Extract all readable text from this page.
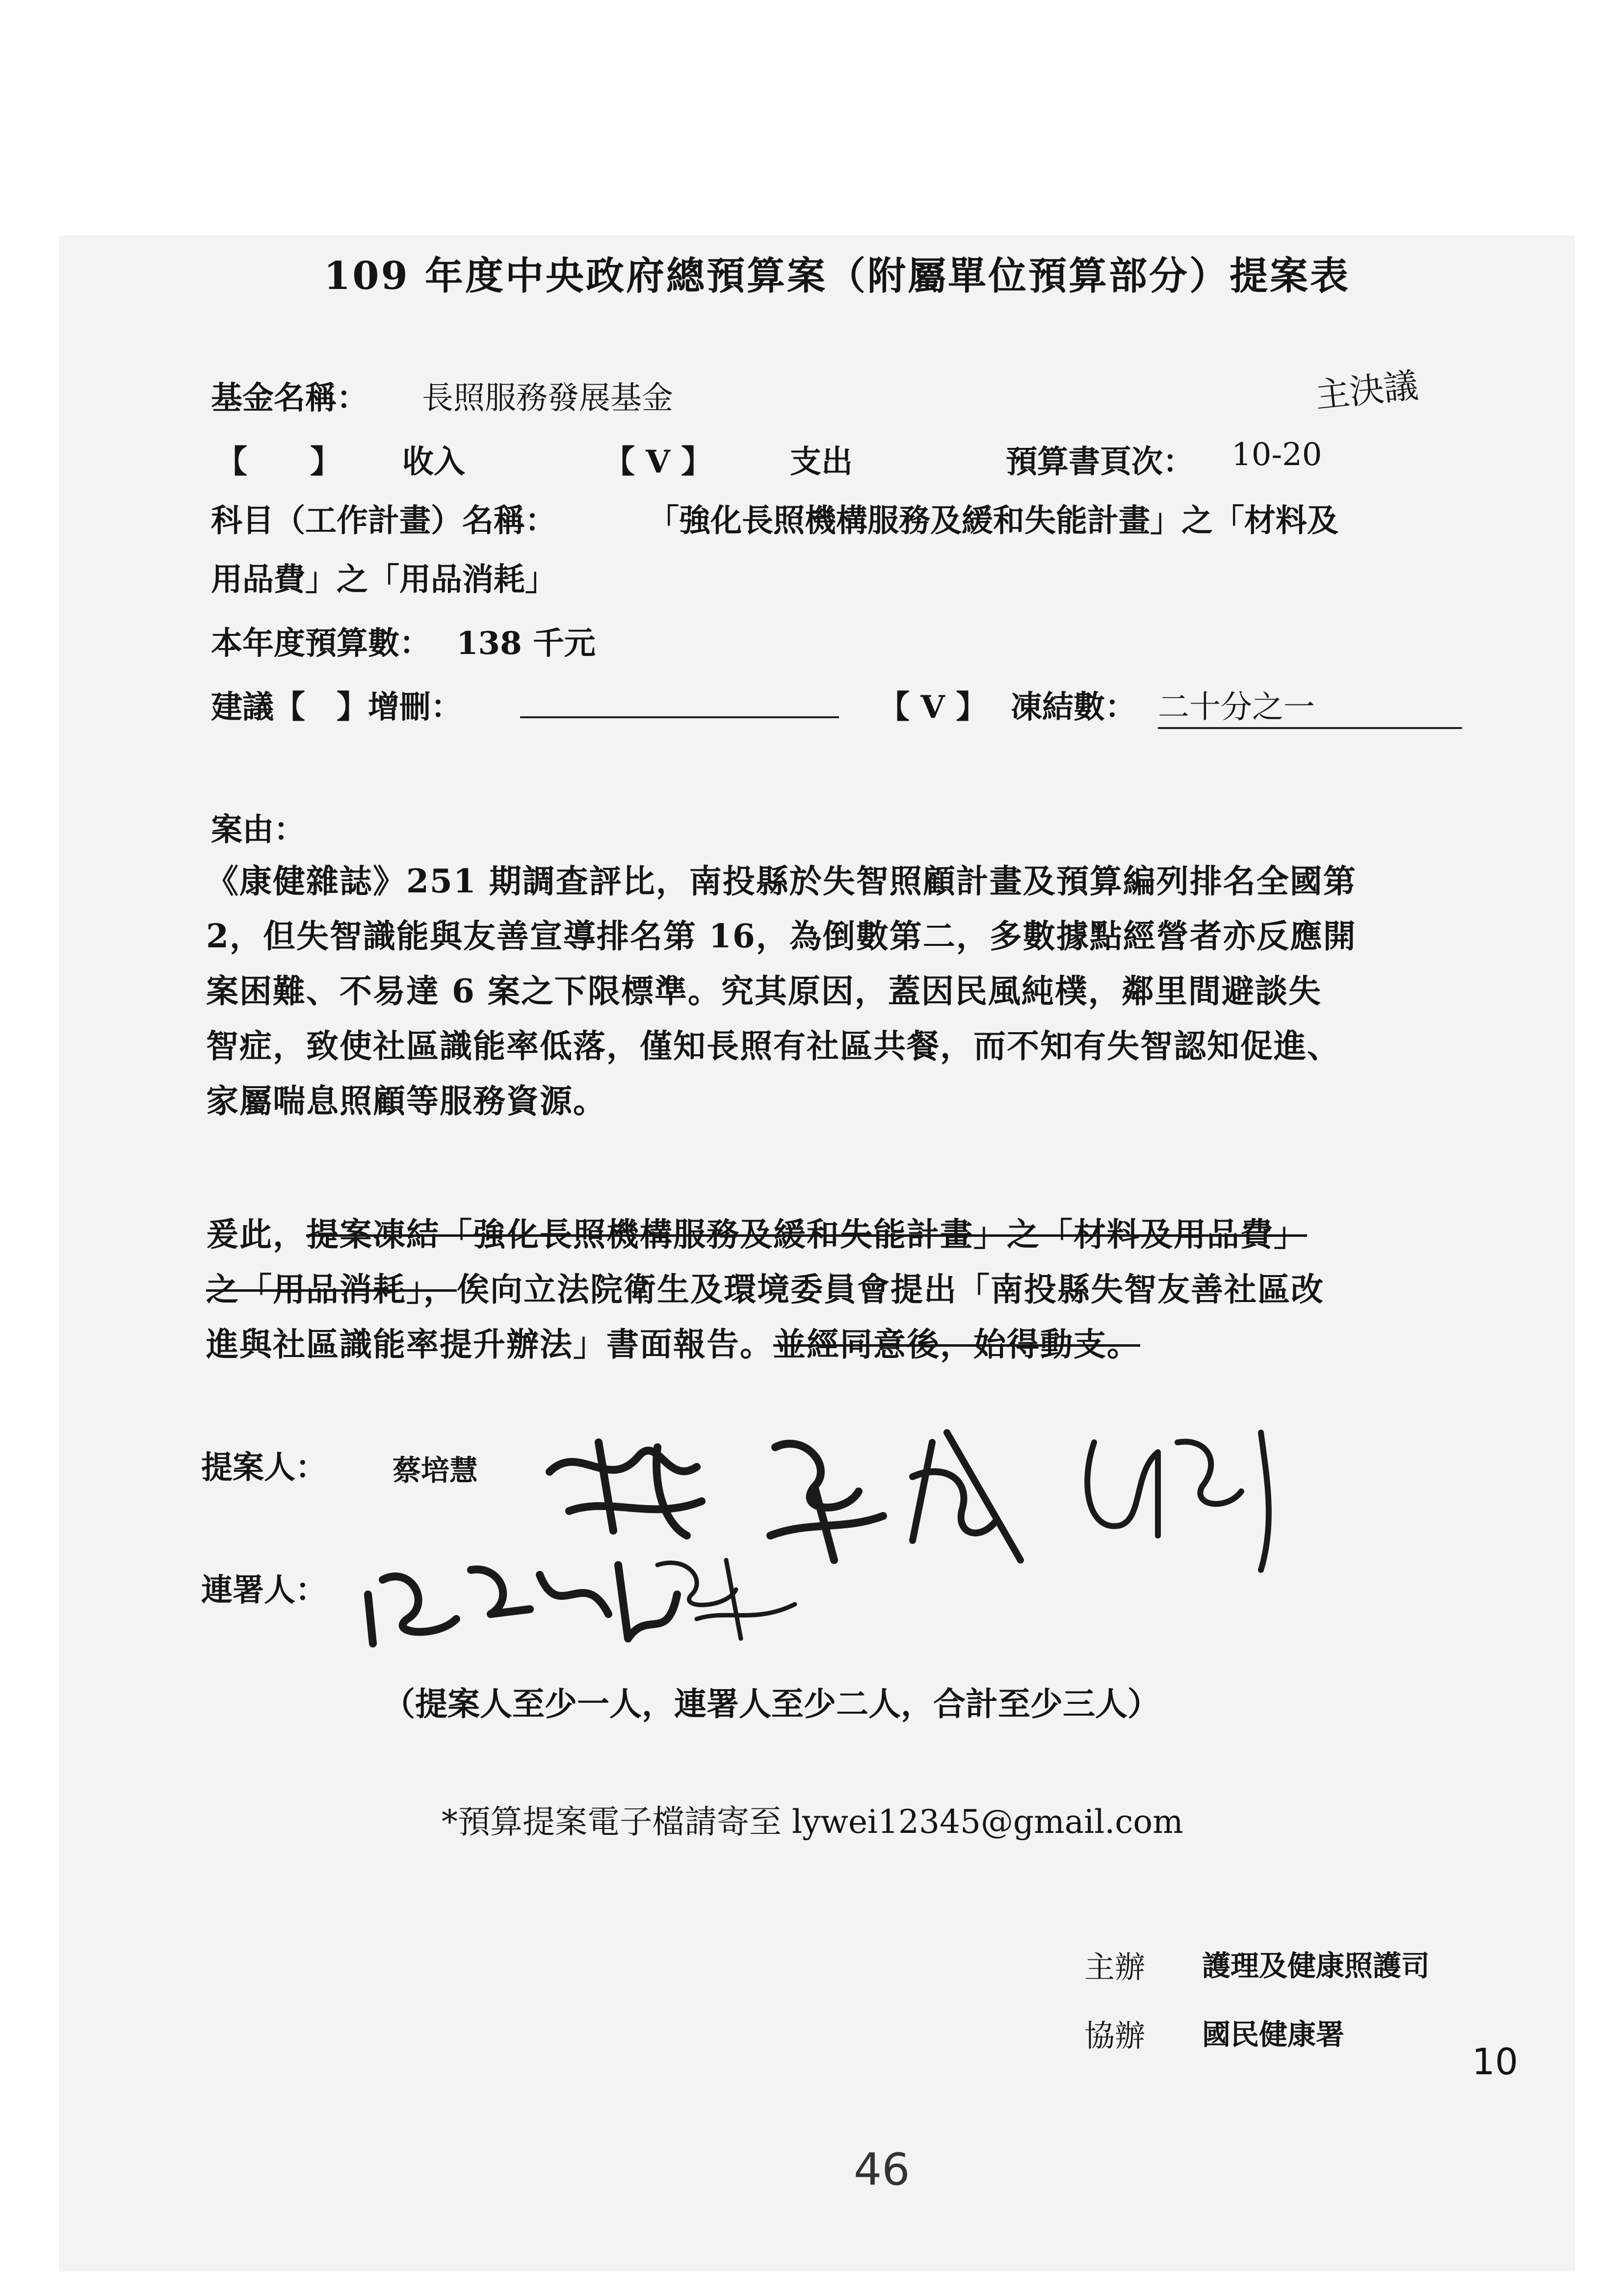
109 年度中央政府總預算案（附屬單位預算部分）提案表
基金名稱： 長照服務發展基金	主決議
【　　】 收入	【 V 】 支出	預算書頁次： 10-20
科目（工作計畫）名稱：	「強化長照機構服務及緩和失能計畫」之「材料及
用品費」之「用品消耗」
本年度預算數： 138 千元
建議【　】增刪：	【 V 】 凍結數： 二十分之一
案由：
《康健雜誌》251 期調查評比，南投縣於失智照顧計畫及預算編列排名全國第
2，但失智識能與友善宣導排名第 16，為倒數第二，多數據點經營者亦反應開
案困難、不易達 6 案之下限標準。究其原因，蓋因民風純樸，鄰里間避談失
智症，致使社區識能率低落，僅知長照有社區共餐，而不知有失智認知促進、
家屬喘息照顧等服務資源。
爰此，提案凍結「強化長照機構服務及緩和失能計畫」之「材料及用品費」
之「用品消耗」，俟向立法院衛生及環境委員會提出「南投縣失智友善社區改
進與社區識能率提升辦法」書面報告。並經同意後，始得動支。
提案人： 蔡培慧
連署人：
（提案人至少一人，連署人至少二人，合計至少三人）
*預算提案電子檔請寄至 lywei12345@gmail.com
主辦 護理及健康照護司
協辦 國民健康署
10
46
